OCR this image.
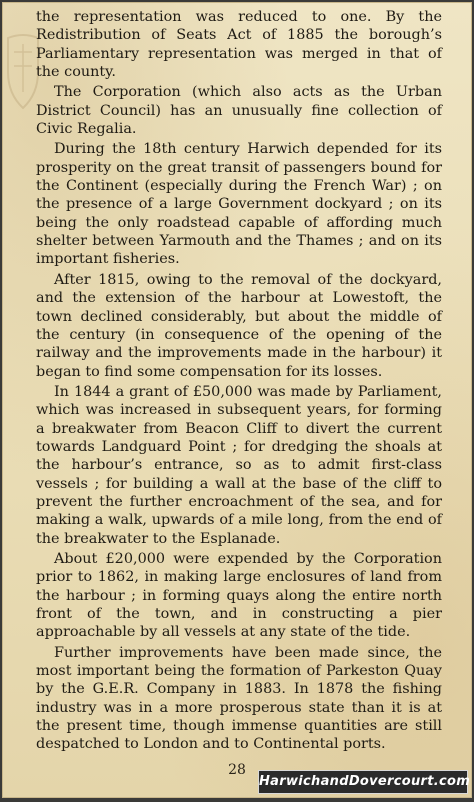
the representation was reduced to one. By the Redistribution of Seats Act of 1885 the borough’s Parliamentary representation was merged in that of the county.

The Corporation (which also acts as the Urban District Council) has an unusually fine collection of Civic Regalia.

During the 18th century Harwich depended for its prosperity on the great transit of passengers bound for the Continent (especially during the French War) ; on the presence of a large Government dockyard ; on its being the only roadstead capable of affording much shelter between Yarmouth and the Thames ; and on its important fisheries.

After 1815, owing to the removal of the dockyard, and the extension of the harbour at Lowestoft, the town declined considerably, but about the middle of the century (in consequence of the opening of the railway and the improvements made in the harbour) it began to find some compensation for its losses.

In 1844 a grant of £50,000 was made by Parliament, which was increased in subsequent years, for forming a breakwater from Beacon Cliff to divert the current towards Landguard Point ; for dredging the shoals at the harbour’s entrance, so as to admit first-class vessels ; for building a wall at the base of the cliff to prevent the further encroachment of the sea, and for making a walk, upwards of a mile long, from the end of the breakwater to the Esplanade.

About £20,000 were expended by the Corporation prior to 1862, in making large enclosures of land from the harbour ; in forming quays along the entire north front of the town, and in constructing a pier approachable by all vessels at any state of the tide.

Further improvements have been made since, the most important being the formation of Parkeston Quay by the G.E.R. Company in 1883. In 1878 the fishing industry was in a more prosperous state than it is at the present time, though immense quantities are still despatched to London and to Continental ports.

28
HarwichandDovercourt.com
